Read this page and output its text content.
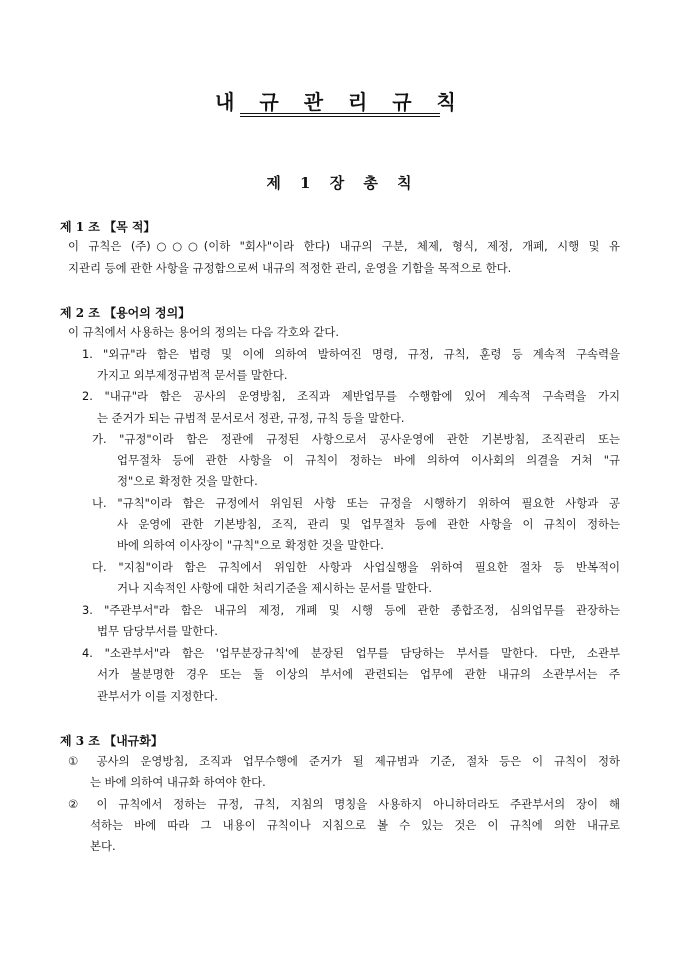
내 규 관 리 규 칙
제 1 장 총 칙
제 1 조 【목 적】
이 규칙은 (주)○○○(이하 "회사"이라 한다) 내규의 구분, 체제, 형식, 제정, 개폐, 시행 및 유
지관리 등에 관한 사항을 규정함으로써 내규의 적정한 관리, 운영을 기함을 목적으로 한다.
제 2 조 【용어의 정의】
이 규칙에서 사용하는 용어의 정의는 다음 각호와 같다.
1. "외규"라 함은 법령 및 이에 의하여 발하여진 명령, 규정, 규칙, 훈령 등 계속적 구속력을
가지고 외부제정규범적 문서를 말한다.
2. "내규"라 함은 공사의 운영방침, 조직과 제반업무를 수행함에 있어 계속적 구속력을 가지
는 준거가 되는 규범적 문서로서 정관, 규정, 규칙 등을 말한다.
가. "규정"이라 함은 정관에 규정된 사항으로서 공사운영에 관한 기본방침, 조직관리 또는
업무절차 등에 관한 사항을 이 규칙이 정하는 바에 의하여 이사회의 의결을 거쳐 "규
정"으로 확정한 것을 말한다.
나. "규칙"이라 함은 규정에서 위임된 사항 또는 규정을 시행하기 위하여 필요한 사항과 공
사 운영에 관한 기본방침, 조직, 관리 및 업무절차 등에 관한 사항을 이 규칙이 정하는
바에 의하여 이사장이 "규칙"으로 확정한 것을 말한다.
다. "지침"이라 함은 규칙에서 위임한 사항과 사업실행을 위하여 필요한 절차 등 반복적이
거나 지속적인 사항에 대한 처리기준을 제시하는 문서를 말한다.
3. "주관부서"라 함은 내규의 제정, 개폐 및 시행 등에 관한 종합조정, 심의업무를 관장하는
법무 담당부서를 말한다.
4. "소관부서"라 함은 '업무분장규칙'에 분장된 업무를 담당하는 부서를 말한다. 다만, 소관부
서가 불분명한 경우 또는 둘 이상의 부서에 관련되는 업무에 관한 내규의 소관부서는 주
관부서가 이를 지정한다.
제 3 조 【내규화】
① 공사의 운영방침, 조직과 업무수행에 준거가 될 제규범과 기준, 절차 등은 이 규칙이 정하
는 바에 의하여 내규화 하여야 한다.
② 이 규칙에서 정하는 규정, 규칙, 지침의 명칭을 사용하지 아니하더라도 주관부서의 장이 해
석하는 바에 따라 그 내용이 규칙이나 지침으로 볼 수 있는 것은 이 규칙에 의한 내규로
본다.
